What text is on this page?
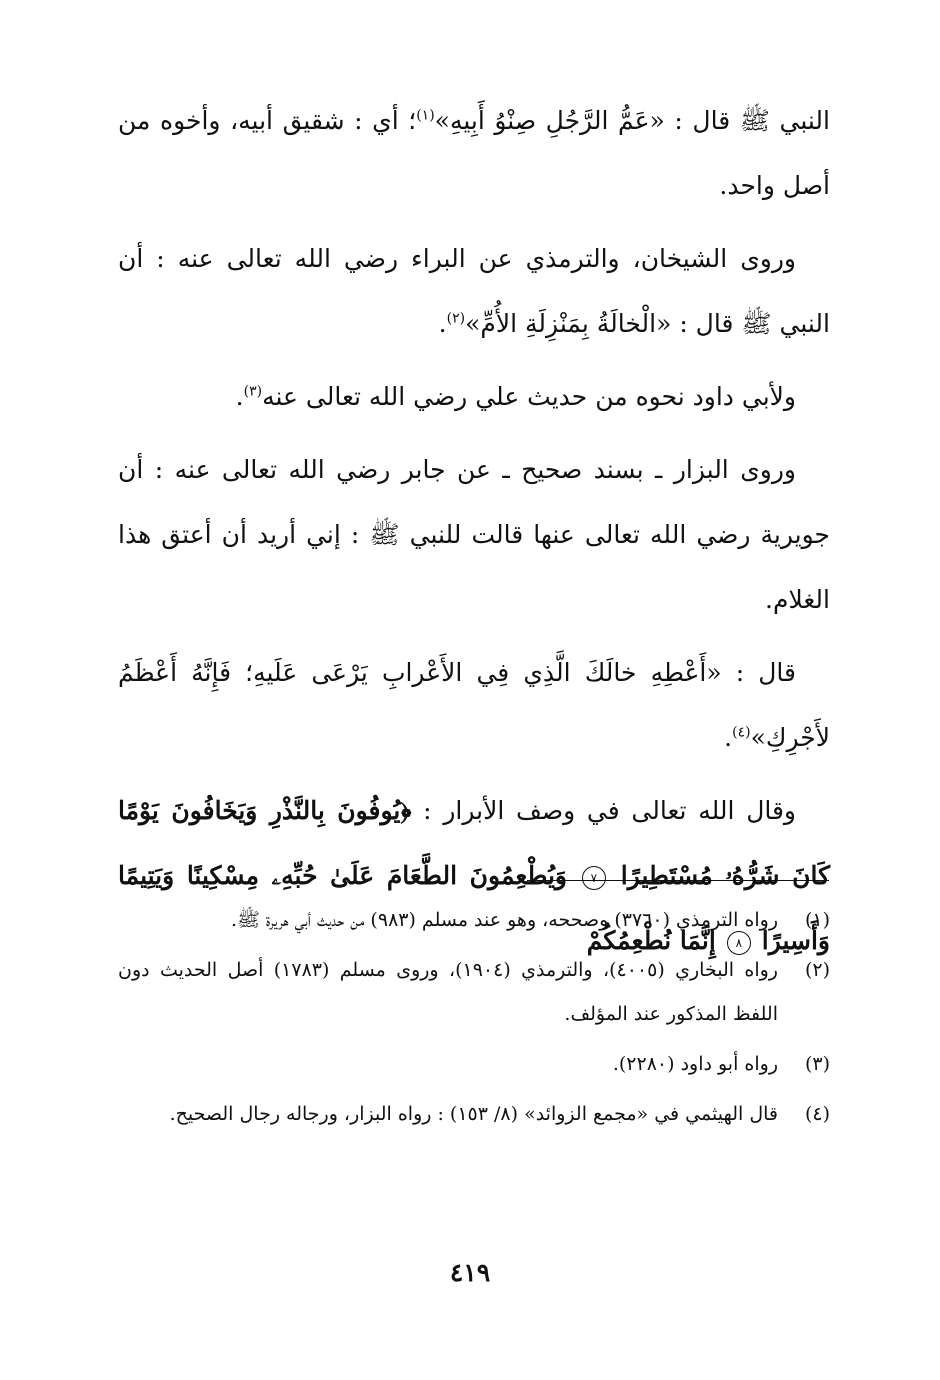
النبي ﷺ قال : «عَمُّ الرَّجُلِ صِنْوُ أَبِيهِ»$^{(١)}$؛ أي : شقيق أبيه، وأخوه من أصل واحد.

وروى الشيخان، والترمذي عن البراء رضي الله تعالى عنه : أن النبي ﷺ قال : «الْخالَةُ بِمَنْزِلَةِ الأُمِّ»$^{(٢)}$.

ولأبي داود نحوه من حديث علي رضي الله تعالى عنه$^{(٣)}$.

وروى البزار ـ بسند صحيح ـ عن جابر رضي الله تعالى عنه : أن جويرية رضي الله تعالى عنها قالت للنبي ﷺ : إني أريد أن أعتق هذا الغلام.

قال : «أَعْطِهِ خالَكَ الَّذِي فِي الأَعْرابِ يَرْعَى عَلَيهِ؛ فَإِنَّهُ أَعْظَمُ لأَجْرِكِ»$^{(٤)}$.

وقال الله تعالى في وصف الأبرار : ﴿يُوفُونَ بِالنَّذْرِ وَيَخَافُونَ يَوْمًا كَانَ شَرُّهُۥ مُسْتَطِيرًا ٧ وَيُطْعِمُونَ الطَّعَامَ عَلَىٰ حُبِّهِۦ مِسْكِينًا وَيَتِيمًا وَأَسِيرًا ٨ إِنَّمَا نُطْعِمُكُمْ

(١)
رواه الترمذي (٣٧٦٠) وصححه، وهو عند مسلم (٩٨٣) من حديث أبي هريرة ﷺ.
(٢)
رواه البخاري (٤٠٠٥)، والترمذي (١٩٠٤)، وروى مسلم (١٧٨٣) أصل الحديث دون اللفظ المذكور عند المؤلف.
(٣)
رواه أبو داود (٢٢٨٠).
(٤)
قال الهيثمي في «مجمع الزوائد» (٨/ ١٥٣) : رواه البزار، ورجاله رجال الصحيح.
٤١٩
